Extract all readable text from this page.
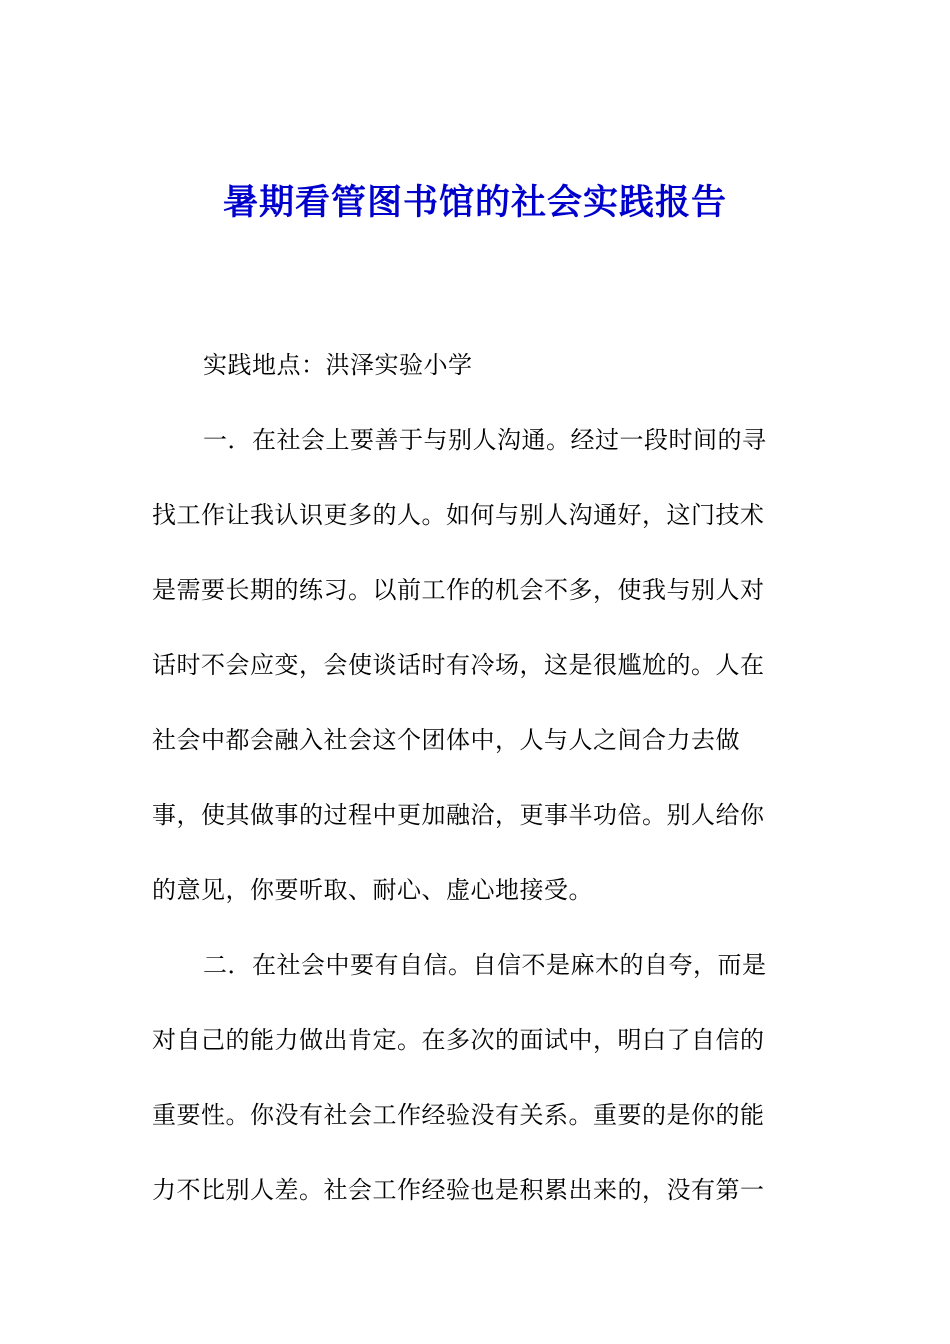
暑期看管图书馆的社会实践报告

实践地点：洪泽实验小学

一．在社会上要善于与别人沟通。经过一段时间的寻
找工作让我认识更多的人。如何与别人沟通好，这门技术
是需要长期的练习。以前工作的机会不多，使我与别人对
话时不会应变，会使谈话时有冷场，这是很尴尬的。人在
社会中都会融入社会这个团体中，人与人之间合力去做
事，使其做事的过程中更加融洽，更事半功倍。别人给你
的意见，你要听取、耐心、虚心地接受。

二．在社会中要有自信。自信不是麻木的自夸，而是
对自己的能力做出肯定。在多次的面试中，明白了自信的
重要性。你没有社会工作经验没有关系。重要的是你的能
力不比别人差。社会工作经验也是积累出来的，没有第一
